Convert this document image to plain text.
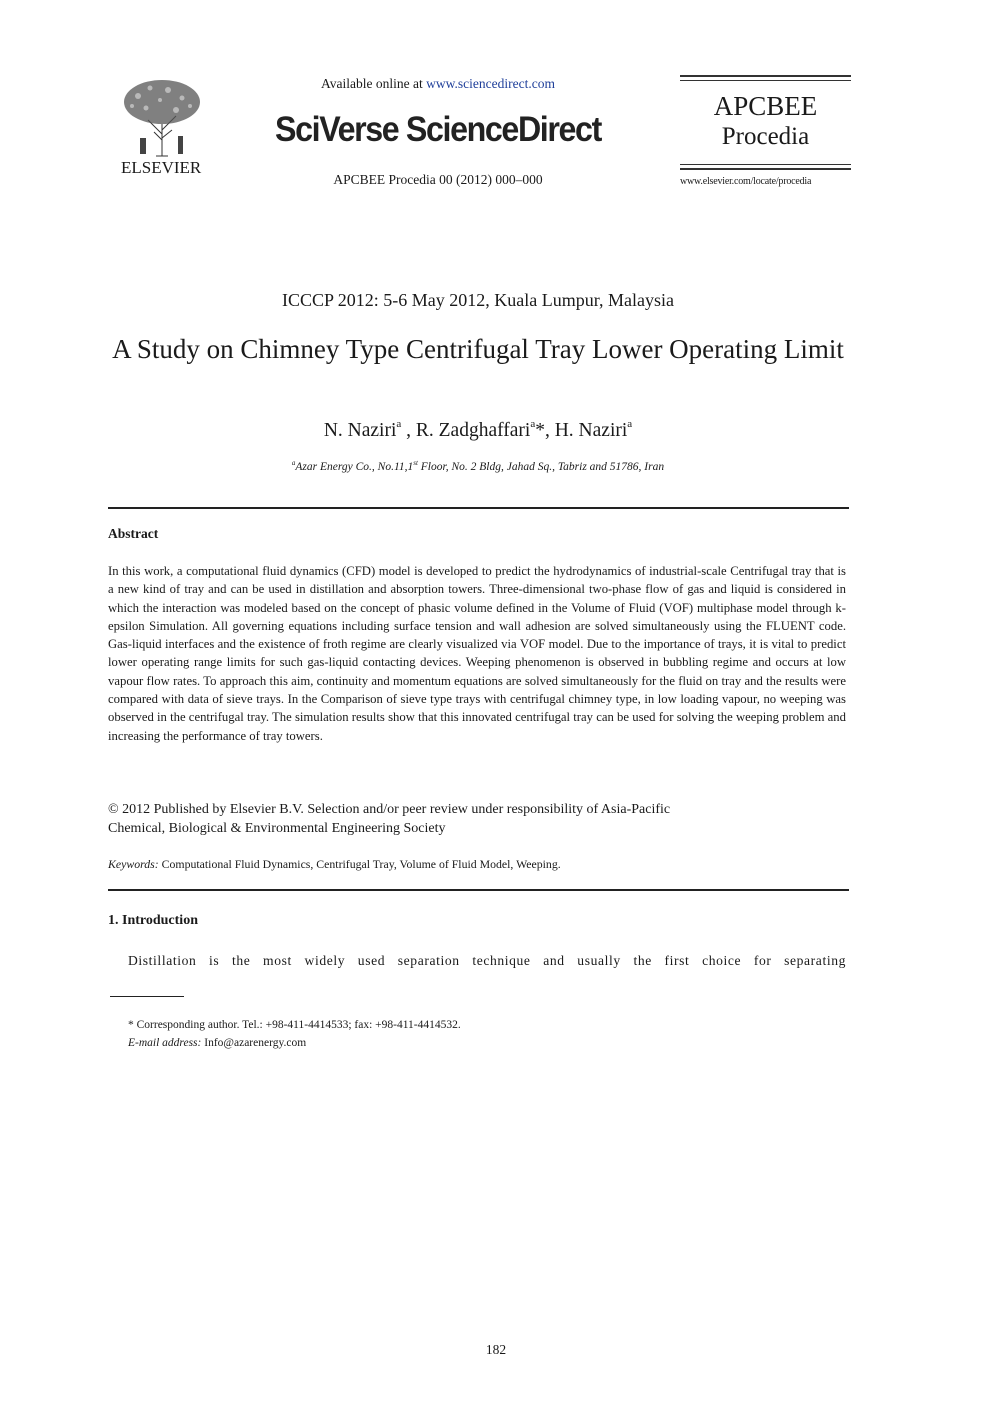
ELSEVIER
Available online at www.sciencedirect.com
SciVerse ScienceDirect
APCBEE Procedia 00 (2012) 000–000
APCBEE
Procedia
www.elsevier.com/locate/procedia
ICCCP 2012: 5-6 May 2012, Kuala Lumpur, Malaysia
A Study on Chimney Type Centrifugal Tray Lower Operating Limit
N. Naziri$^a$ , R. Zadghaffari$^a$*, H. Naziri$^a$
$^a$Azar Energy Co., No.11,1st Floor, No. 2 Bldg, Jahad Sq., Tabriz and 51786, Iran
Abstract
In this work, a computational fluid dynamics (CFD) model is developed to predict the hydrodynamics of industrial-scale Centrifugal tray that is a new kind of tray and can be used in distillation and absorption towers. Three-dimensional two-phase flow of gas and liquid is considered in which the interaction was modeled based on the concept of phasic volume defined in the Volume of Fluid (VOF) multiphase model through k-epsilon Simulation. All governing equations including surface tension and wall adhesion are solved simultaneously using the FLUENT code. Gas-liquid interfaces and the existence of froth regime are clearly visualized via VOF model. Due to the importance of trays, it is vital to predict lower operating range limits for such gas-liquid contacting devices. Weeping phenomenon is observed in bubbling regime and occurs at low vapour flow rates. To approach this aim, continuity and momentum equations are solved simultaneously for the fluid on tray and the results were compared with data of sieve trays. In the Comparison of sieve type trays with centrifugal chimney type, in low loading vapour, no weeping was observed in the centrifugal tray. The simulation results show that this innovated centrifugal tray can be used for solving the weeping problem and increasing the performance of tray towers.
© 2012 Published by Elsevier B.V. Selection and/or peer review under responsibility of Asia-Pacific
Chemical, Biological & Environmental Engineering Society
Keywords: Computational Fluid Dynamics, Centrifugal Tray, Volume of Fluid Model, Weeping.
1. Introduction
Distillation is the most widely used separation technique and usually the first choice for separating
* Corresponding author. Tel.: +98-411-4414533; fax: +98-411-4414532.
E-mail address: Info@azarenergy.com
182
